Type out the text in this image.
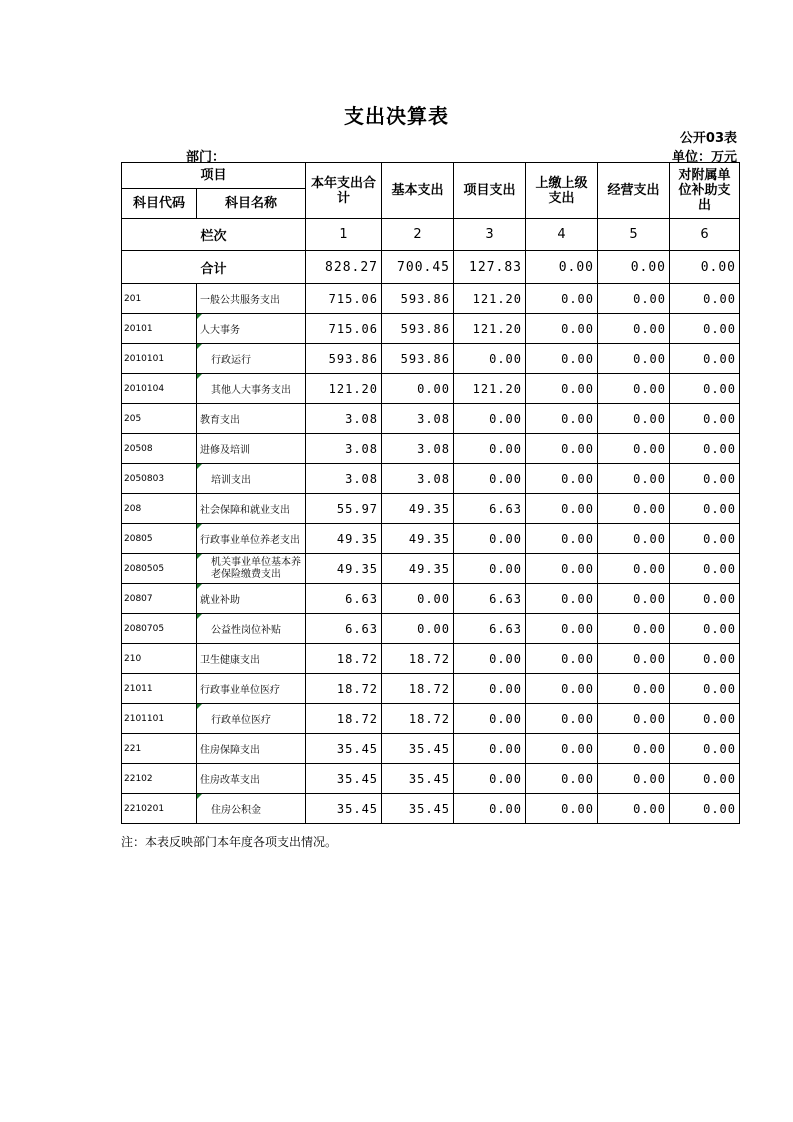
支出决算表
公开03表
部门：	单位：万元
项目		本年支出合计	基本支出	项目支出	上缴上级支出	经营支出	对附属单位补助支出
科目代码	科目名称						
栏次		1	2	3	4	5	6
合计		828.27	700.45	127.83	0.00	0.00	0.00
201	一般公共服务支出	715.06	593.86	121.20	0.00	0.00	0.00
20101	人大事务	715.06	593.86	121.20	0.00	0.00	0.00
2010101	行政运行	593.86	593.86	0.00	0.00	0.00	0.00
2010104	其他人大事务支出	121.20	0.00	121.20	0.00	0.00	0.00
205	教育支出	3.08	3.08	0.00	0.00	0.00	0.00
20508	进修及培训	3.08	3.08	0.00	0.00	0.00	0.00
2050803	培训支出	3.08	3.08	0.00	0.00	0.00	0.00
208	社会保障和就业支出	55.97	49.35	6.63	0.00	0.00	0.00
20805	行政事业单位养老支出	49.35	49.35	0.00	0.00	0.00	0.00
2080505	机关事业单位基本养老保险缴费支出	49.35	49.35	0.00	0.00	0.00	0.00
20807	就业补助	6.63	0.00	6.63	0.00	0.00	0.00
2080705	公益性岗位补贴	6.63	0.00	6.63	0.00	0.00	0.00
210	卫生健康支出	18.72	18.72	0.00	0.00	0.00	0.00
21011	行政事业单位医疗	18.72	18.72	0.00	0.00	0.00	0.00
2101101	行政单位医疗	18.72	18.72	0.00	0.00	0.00	0.00
221	住房保障支出	35.45	35.45	0.00	0.00	0.00	0.00
22102	住房改革支出	35.45	35.45	0.00	0.00	0.00	0.00
2210201	住房公积金	35.45	35.45	0.00	0.00	0.00	0.00
注：本表反映部门本年度各项支出情况。
